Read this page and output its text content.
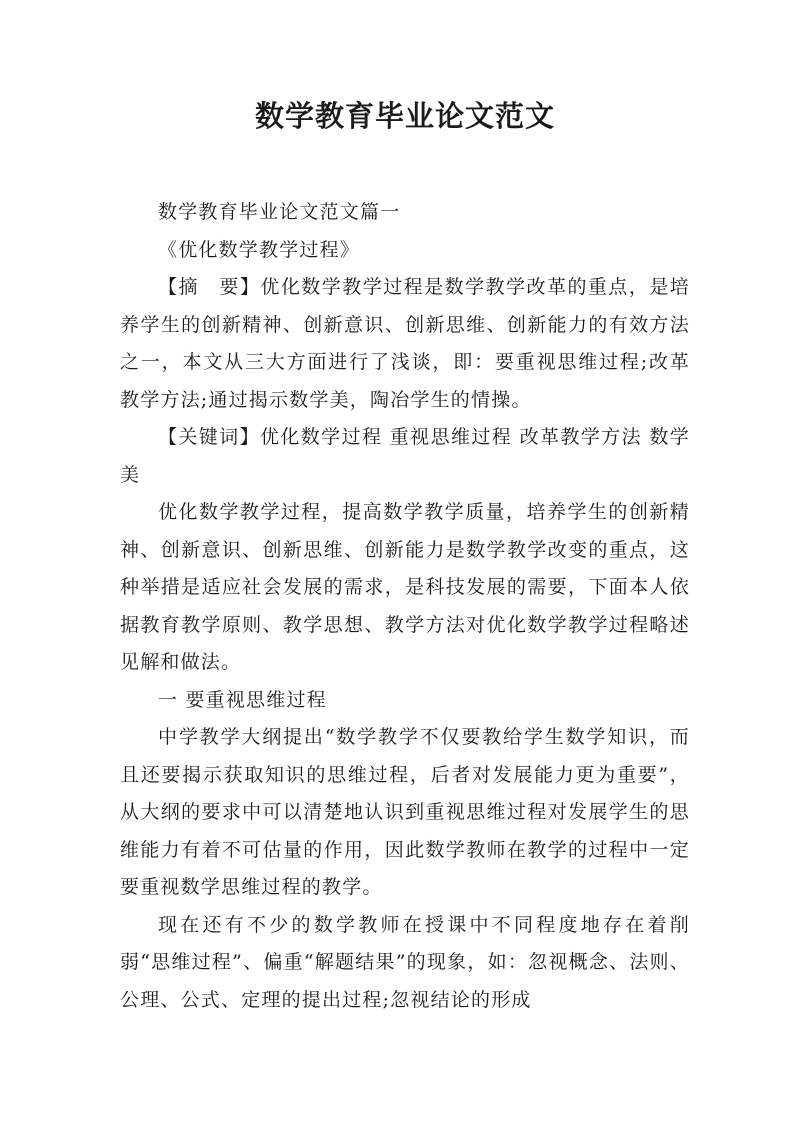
数学教育毕业论文范文

数学教育毕业论文范文篇一

《优化数学教学过程》

【摘　要】优化数学教学过程是数学教学改革的重点，是培养学生的创新精神、创新意识、创新思维、创新能力的有效方法之一，本文从三大方面进行了浅谈，即：要重视思维过程;改革教学方法;通过揭示数学美，陶冶学生的情操。

【关键词】优化数学过程 重视思维过程 改革教学方法 数学美

优化数学教学过程，提高数学教学质量，培养学生的创新精神、创新意识、创新思维、创新能力是数学教学改变的重点，这种举措是适应社会发展的需求，是科技发展的需要，下面本人依据教育教学原则、教学思想、教学方法对优化数学教学过程略述见解和做法。

一 要重视思维过程

中学教学大纲提出“数学教学不仅要教给学生数学知识，而且还要揭示获取知识的思维过程，后者对发展能力更为重要”，从大纲的要求中可以清楚地认识到重视思维过程对发展学生的思维能力有着不可估量的作用，因此数学教师在教学的过程中一定要重视数学思维过程的教学。

现在还有不少的数学教师在授课中不同程度地存在着削弱“思维过程”、偏重“解题结果”的现象，如：忽视概念、法则、公理、公式、定理的提出过程;忽视结论的形成
